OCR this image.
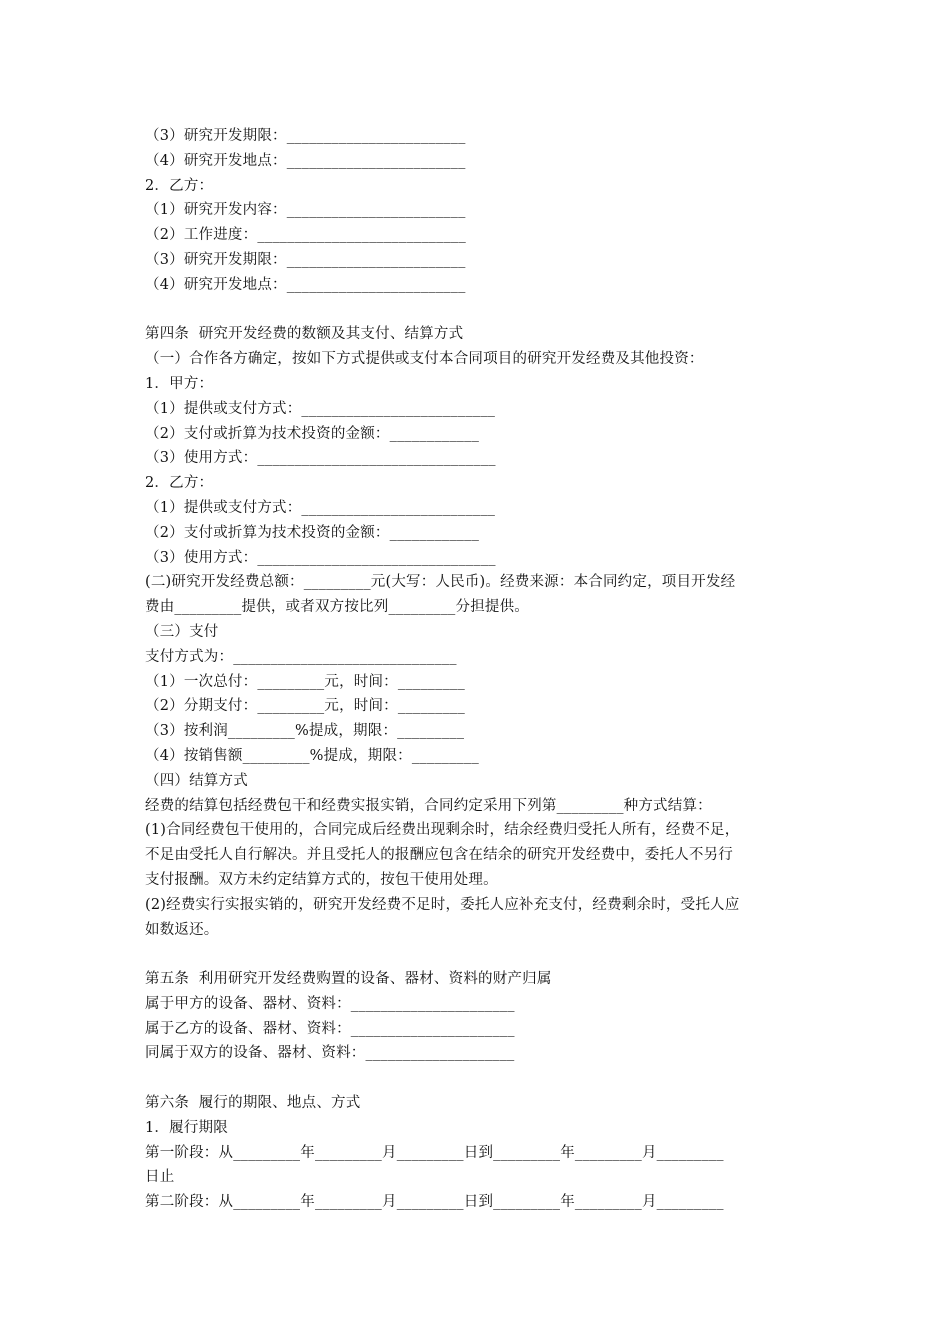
（3）研究开发期限：________________________
（4）研究开发地点：________________________
2．乙方：
（1）研究开发内容：________________________
（2）工作进度：____________________________
（3）研究开发期限：________________________
（4）研究开发地点：________________________
第四条  研究开发经费的数额及其支付、结算方式
（一）合作各方确定，按如下方式提供或支付本合同项目的研究开发经费及其他投资：
1．甲方：
（1）提供或支付方式：__________________________
（2）支付或折算为技术投资的金额：____________
（3）使用方式：________________________________
2．乙方：
（1）提供或支付方式：__________________________
（2）支付或折算为技术投资的金额：____________
（3）使用方式：________________________________
(二)研究开发经费总额：_________元(大写：人民币)。经费来源：本合同约定，项目开发经
费由_________提供，或者双方按比列_________分担提供。
（三）支付
支付方式为：______________________________
（1）一次总付：_________元，时间：_________
（2）分期支付：_________元，时间：_________
（3）按利润_________%提成，期限：_________
（4）按销售额_________%提成，期限：_________
（四）结算方式
经费的结算包括经费包干和经费实报实销，合同约定采用下列第_________种方式结算：
(1)合同经费包干使用的，合同完成后经费出现剩余时，结余经费归受托人所有，经费不足，
不足由受托人自行解决。并且受托人的报酬应包含在结余的研究开发经费中，委托人不另行
支付报酬。双方未约定结算方式的，按包干使用处理。
(2)经费实行实报实销的，研究开发经费不足时，委托人应补充支付，经费剩余时，受托人应
如数返还。
第五条  利用研究开发经费购置的设备、器材、资料的财产归属
属于甲方的设备、器材、资料：______________________
属于乙方的设备、器材、资料：______________________
同属于双方的设备、器材、资料：____________________
第六条  履行的期限、地点、方式
1．履行期限
第一阶段：从_________年_________月_________日到_________年_________月_________
日止
第二阶段：从_________年_________月_________日到_________年_________月_________
